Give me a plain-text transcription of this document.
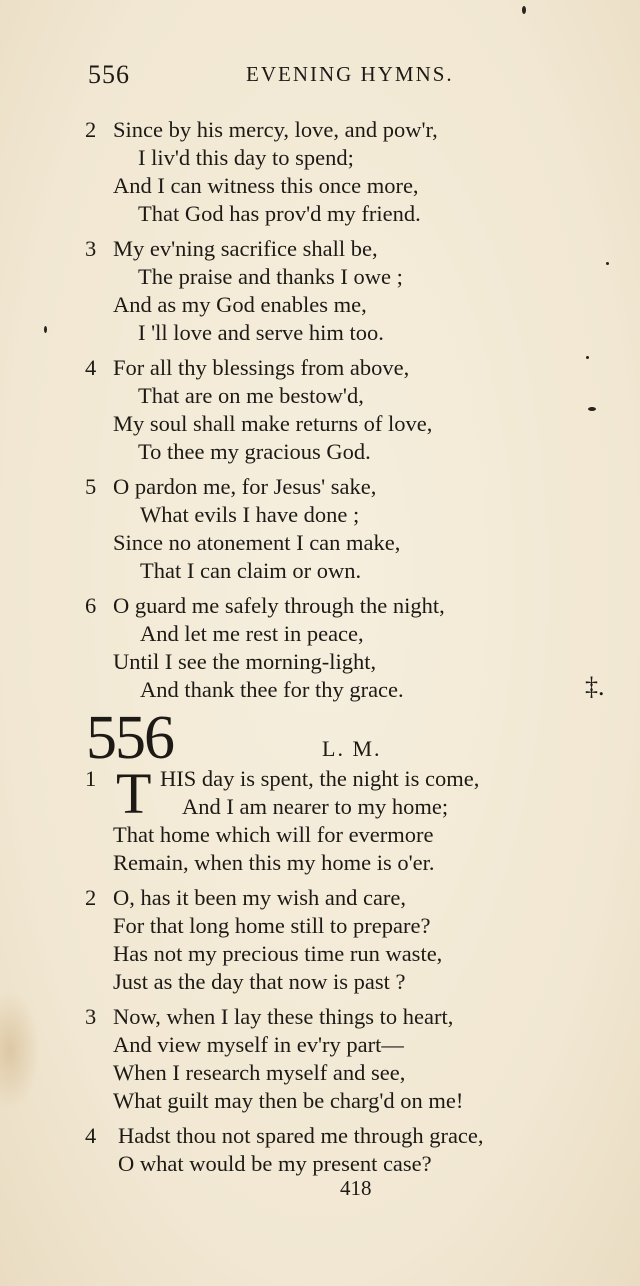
556	EVENING HYMNS.
2 Since by his mercy, love, and pow'r,
I liv'd this day to spend;
And I can witness this once more,
That God has prov'd my friend.
3 My ev'ning sacrifice shall be,
The praise and thanks I owe ;
And as my God enables me,
I 'll love and serve him too.
4 For all thy blessings from above,
That are on me bestow'd,
My soul shall make returns of love,
To thee my gracious God.
5 O pardon me, for Jesus' sake,
What evils I have done ;
Since no atonement I can make,
That I can claim or own.
6 O guard me safely through the night,
And let me rest in peace,
Until I see the morning-light,
And thank thee for thy grace.	‡.
556	L. M.
1 T HIS day is spent, the night is come,
And I am nearer to my home;
That home which will for evermore
Remain, when this my home is o'er.
2 O, has it been my wish and care,
For that long home still to prepare?
Has not my precious time run waste,
Just as the day that now is past ?
3 Now, when I lay these things to heart,
And view myself in ev'ry part—
When I research myself and see,
What guilt may then be charg'd on me!
4 Hadst thou not spared me through grace,
O what would be my present case?
418
